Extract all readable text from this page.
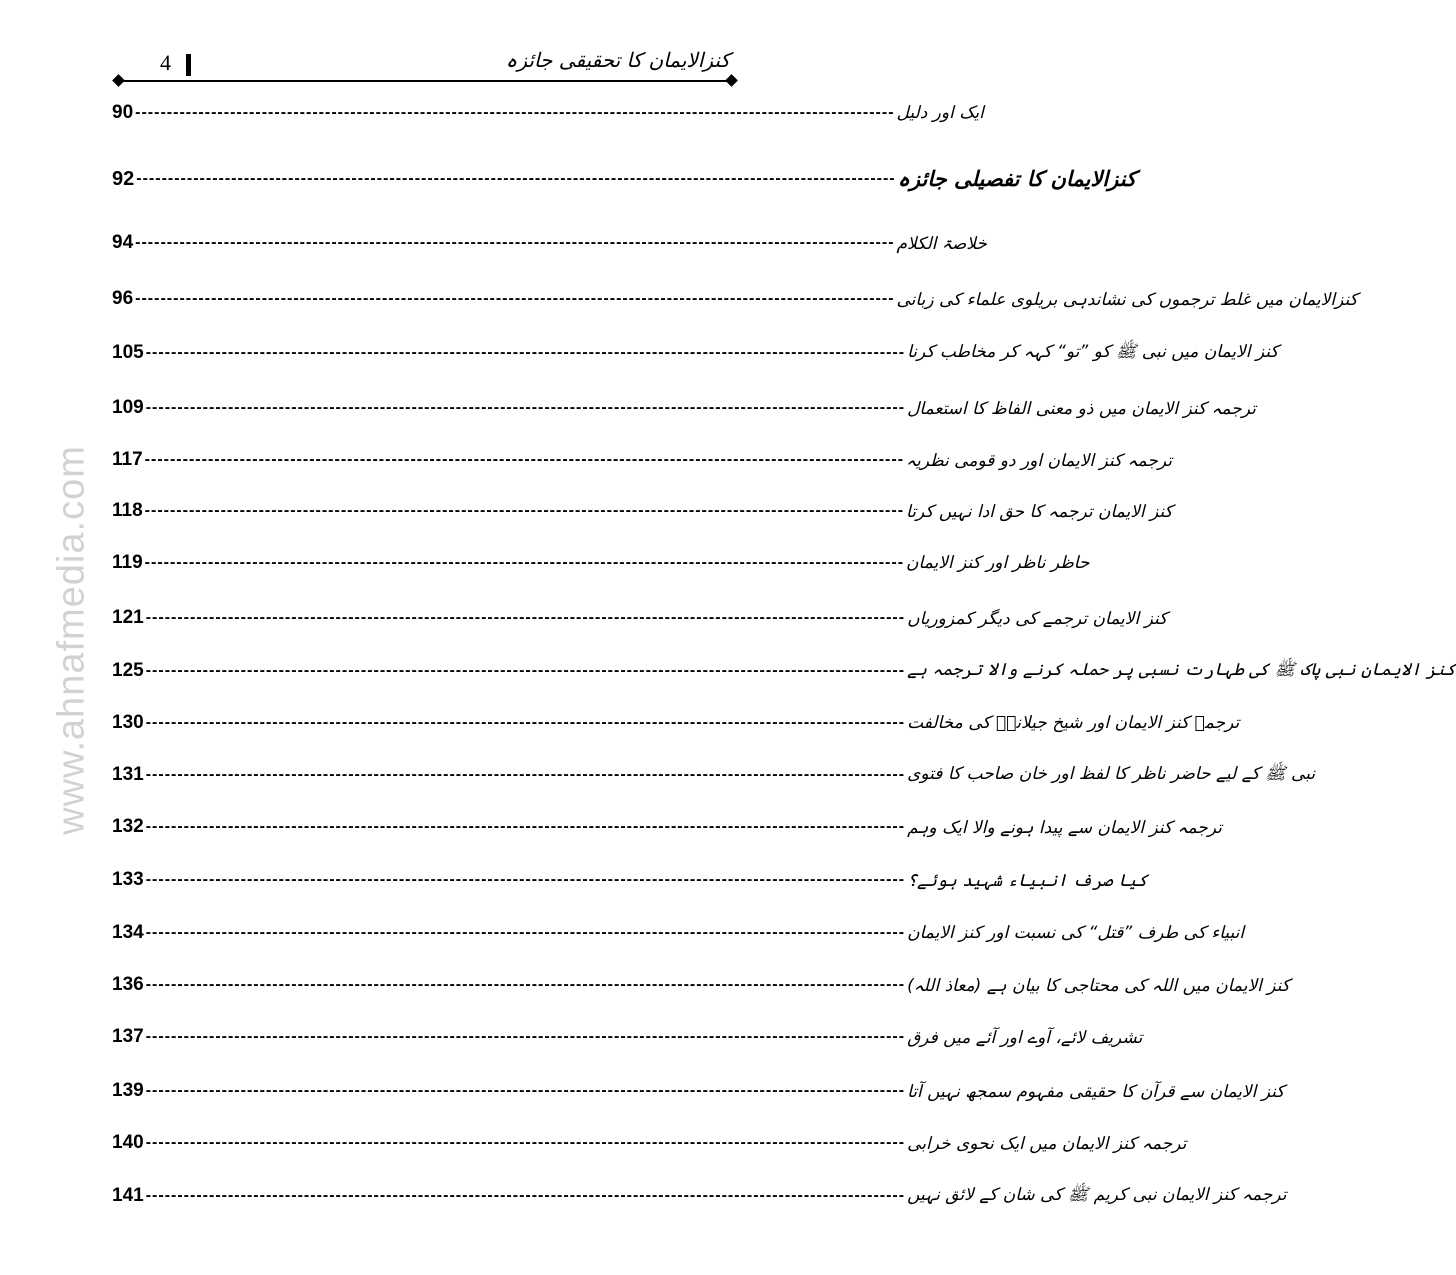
www.ahnafmedia.com
4	کنزالایمان کا تحقیقی جائزہ
90 ------------------------------------------------------------------------------------------------------------------------ ایک اور دلیل
92 ------------------------------------------------------------------------------------------------------------------------ کنزالایمان کا تفصیلی جائزہ
94 ------------------------------------------------------------------------------------------------------------------------ خلاصۃ الکلام
96 ------------------------------------------------------------------------------------------------------------------------ کنزالایمان میں غلط ترجموں کی نشاندہی بریلوی علماء کی زبانی
105 ------------------------------------------------------------------------------------------------------------------------ کنز الایمان میں نبی ﷺ کو ”تو“ کہہ کر مخاطب کرنا
109 ------------------------------------------------------------------------------------------------------------------------ ترجمہ کنز الایمان میں ذو معنی الفاظ کا استعمال
117 ------------------------------------------------------------------------------------------------------------------------ ترجمہ کنز الایمان اور دو قومی نظریہ
118 ------------------------------------------------------------------------------------------------------------------------ کنز الایمان ترجمہ کا حق ادا نہیں کرتا
119 ------------------------------------------------------------------------------------------------------------------------ حاظر ناظر اور کنز الایمان
121 ------------------------------------------------------------------------------------------------------------------------ کنز الایمان ترجمے کی دیگر کمزوریاں
125 ------------------------------------------------------------------------------------------------------------------------ کنز الایمان نبی پاک ﷺ کی طہارت نسبی پر حملہ کرنے والا ترجمہ ہے
130 ------------------------------------------------------------------------------------------------------------------------ ترجمہ کنز الایمان اور شیخ جیلانیؒ کی مخالفت
131 ------------------------------------------------------------------------------------------------------------------------ نبی ﷺ کے لیے حاضر ناظر کا لفظ اور خان صاحب کا فتوی
132 ------------------------------------------------------------------------------------------------------------------------ ترجمہ کنز الایمان سے پیدا ہونے والا ایک وہم
133 ------------------------------------------------------------------------------------------------------------------------ کیا صرف انبیاء شہید ہوئے؟
134 ------------------------------------------------------------------------------------------------------------------------ انبیاء کی طرف ”قتل“ کی نسبت اور کنز الایمان
136 ------------------------------------------------------------------------------------------------------------------------ کنز الایمان میں اللہ کی محتاجی کا بیان ہے (معاذ اللہ)
137 ------------------------------------------------------------------------------------------------------------------------ تشریف لائے، آوے اور آئے میں فرق
139 ------------------------------------------------------------------------------------------------------------------------ کنز الایمان سے قرآن کا حقیقی مفہوم سمجھ نہیں آتا
140 ------------------------------------------------------------------------------------------------------------------------ ترجمہ کنز الایمان میں ایک نحوی خرابی
141 ------------------------------------------------------------------------------------------------------------------------ ترجمہ کنز الایمان نبی کریم ﷺ کی شان کے لائق نہیں
